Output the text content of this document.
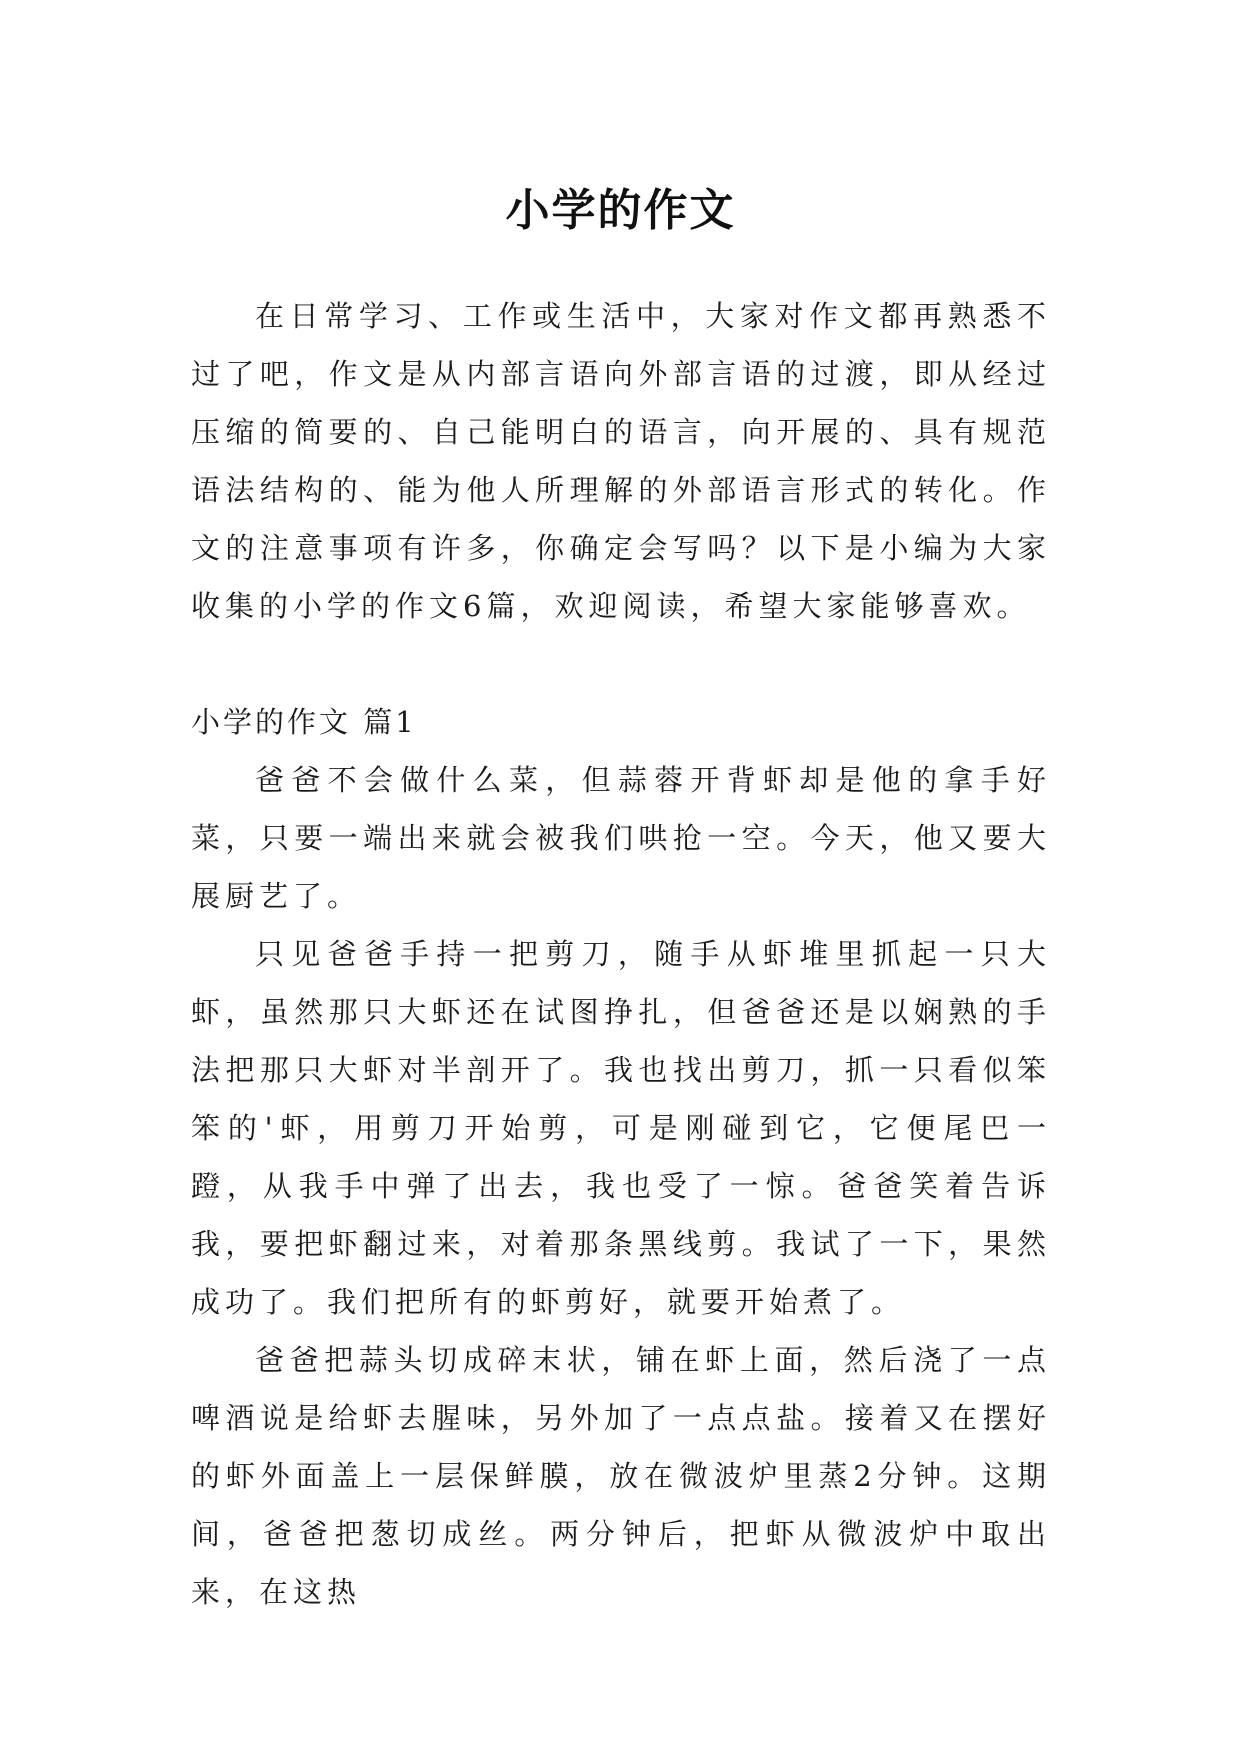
小学的作文

在日常学习、工作或生活中，大家对作文都再熟悉不过了吧，作文是从内部言语向外部言语的过渡，即从经过压缩的简要的、自己能明白的语言，向开展的、具有规范语法结构的、能为他人所理解的外部语言形式的转化。作文的注意事项有许多，你确定会写吗？以下是小编为大家收集的小学的作文6篇，欢迎阅读，希望大家能够喜欢。

小学的作文 篇1

爸爸不会做什么菜，但蒜蓉开背虾却是他的拿手好菜，只要一端出来就会被我们哄抢一空。今天，他又要大展厨艺了。

只见爸爸手持一把剪刀，随手从虾堆里抓起一只大虾，虽然那只大虾还在试图挣扎，但爸爸还是以娴熟的手法把那只大虾对半剖开了。我也找出剪刀，抓一只看似笨笨的'虾，用剪刀开始剪，可是刚碰到它，它便尾巴一蹬，从我手中弹了出去，我也受了一惊。爸爸笑着告诉我，要把虾翻过来，对着那条黑线剪。我试了一下，果然成功了。我们把所有的虾剪好，就要开始煮了。

爸爸把蒜头切成碎末状，铺在虾上面，然后浇了一点啤酒说是给虾去腥味，另外加了一点点盐。接着又在摆好的虾外面盖上一层保鲜膜，放在微波炉里蒸2分钟。这期间，爸爸把葱切成丝。两分钟后，把虾从微波炉中取出来，在这热
